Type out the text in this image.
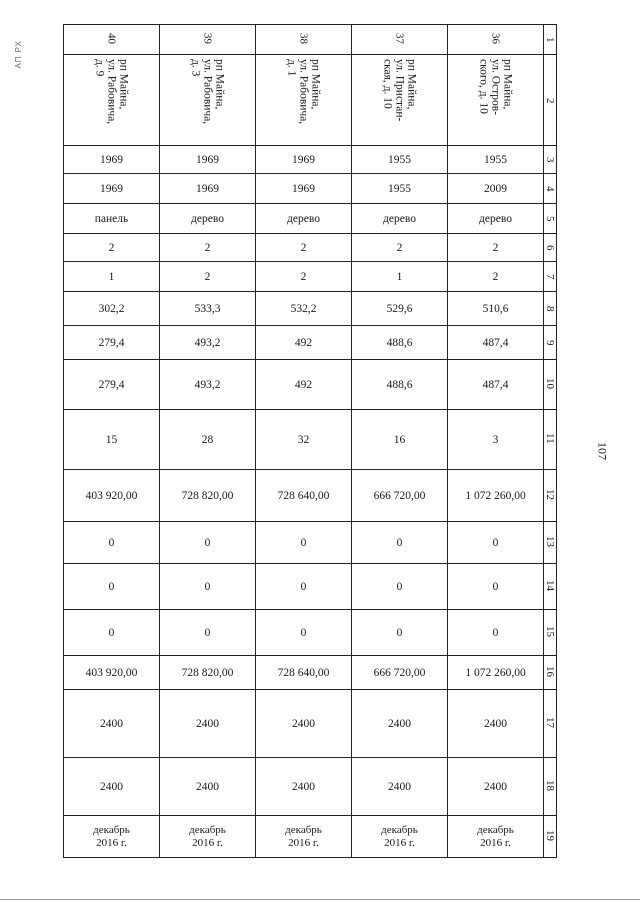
АП РХ
107
40	39	38	37	36	1

рп Майна,
ул. Рабовича,
д. 9	рп Майна,
ул. Рабовича,
д. 3	рп Майна,
ул. Рабовича,
д. 1	рп Майна,
ул. Пристан-
ская, д. 10	рп Майна,
ул. Остров-
ского, д. 10	2
1969	1969	1969	1955	1955	3
1969	1969	1969	1955	2009	4
панель	дерево	дерево	дерево	дерево	5
2	2	2	2	2	6
1	2	2	1	2	7
302,2	533,3	532,2	529,6	510,6	8
279,4	493,2	492	488,6	487,4	9
279,4	493,2	492	488,6	487,4	10
15	28	32	16	3	11
403 920,00	728 820,00	728 640,00	666 720,00	1 072 260,00	12
0	0	0	0	0	13
0	0	0	0	0	14
0	0	0	0	0	15
403 920,00	728 820,00	728 640,00	666 720,00	1 072 260,00	16
2400	2400	2400	2400	2400	17
2400	2400	2400	2400	2400	18
декабрь
2016 г.	декабрь
2016 г.	декабрь
2016 г.	декабрь
2016 г.	декабрь
2016 г.	19
